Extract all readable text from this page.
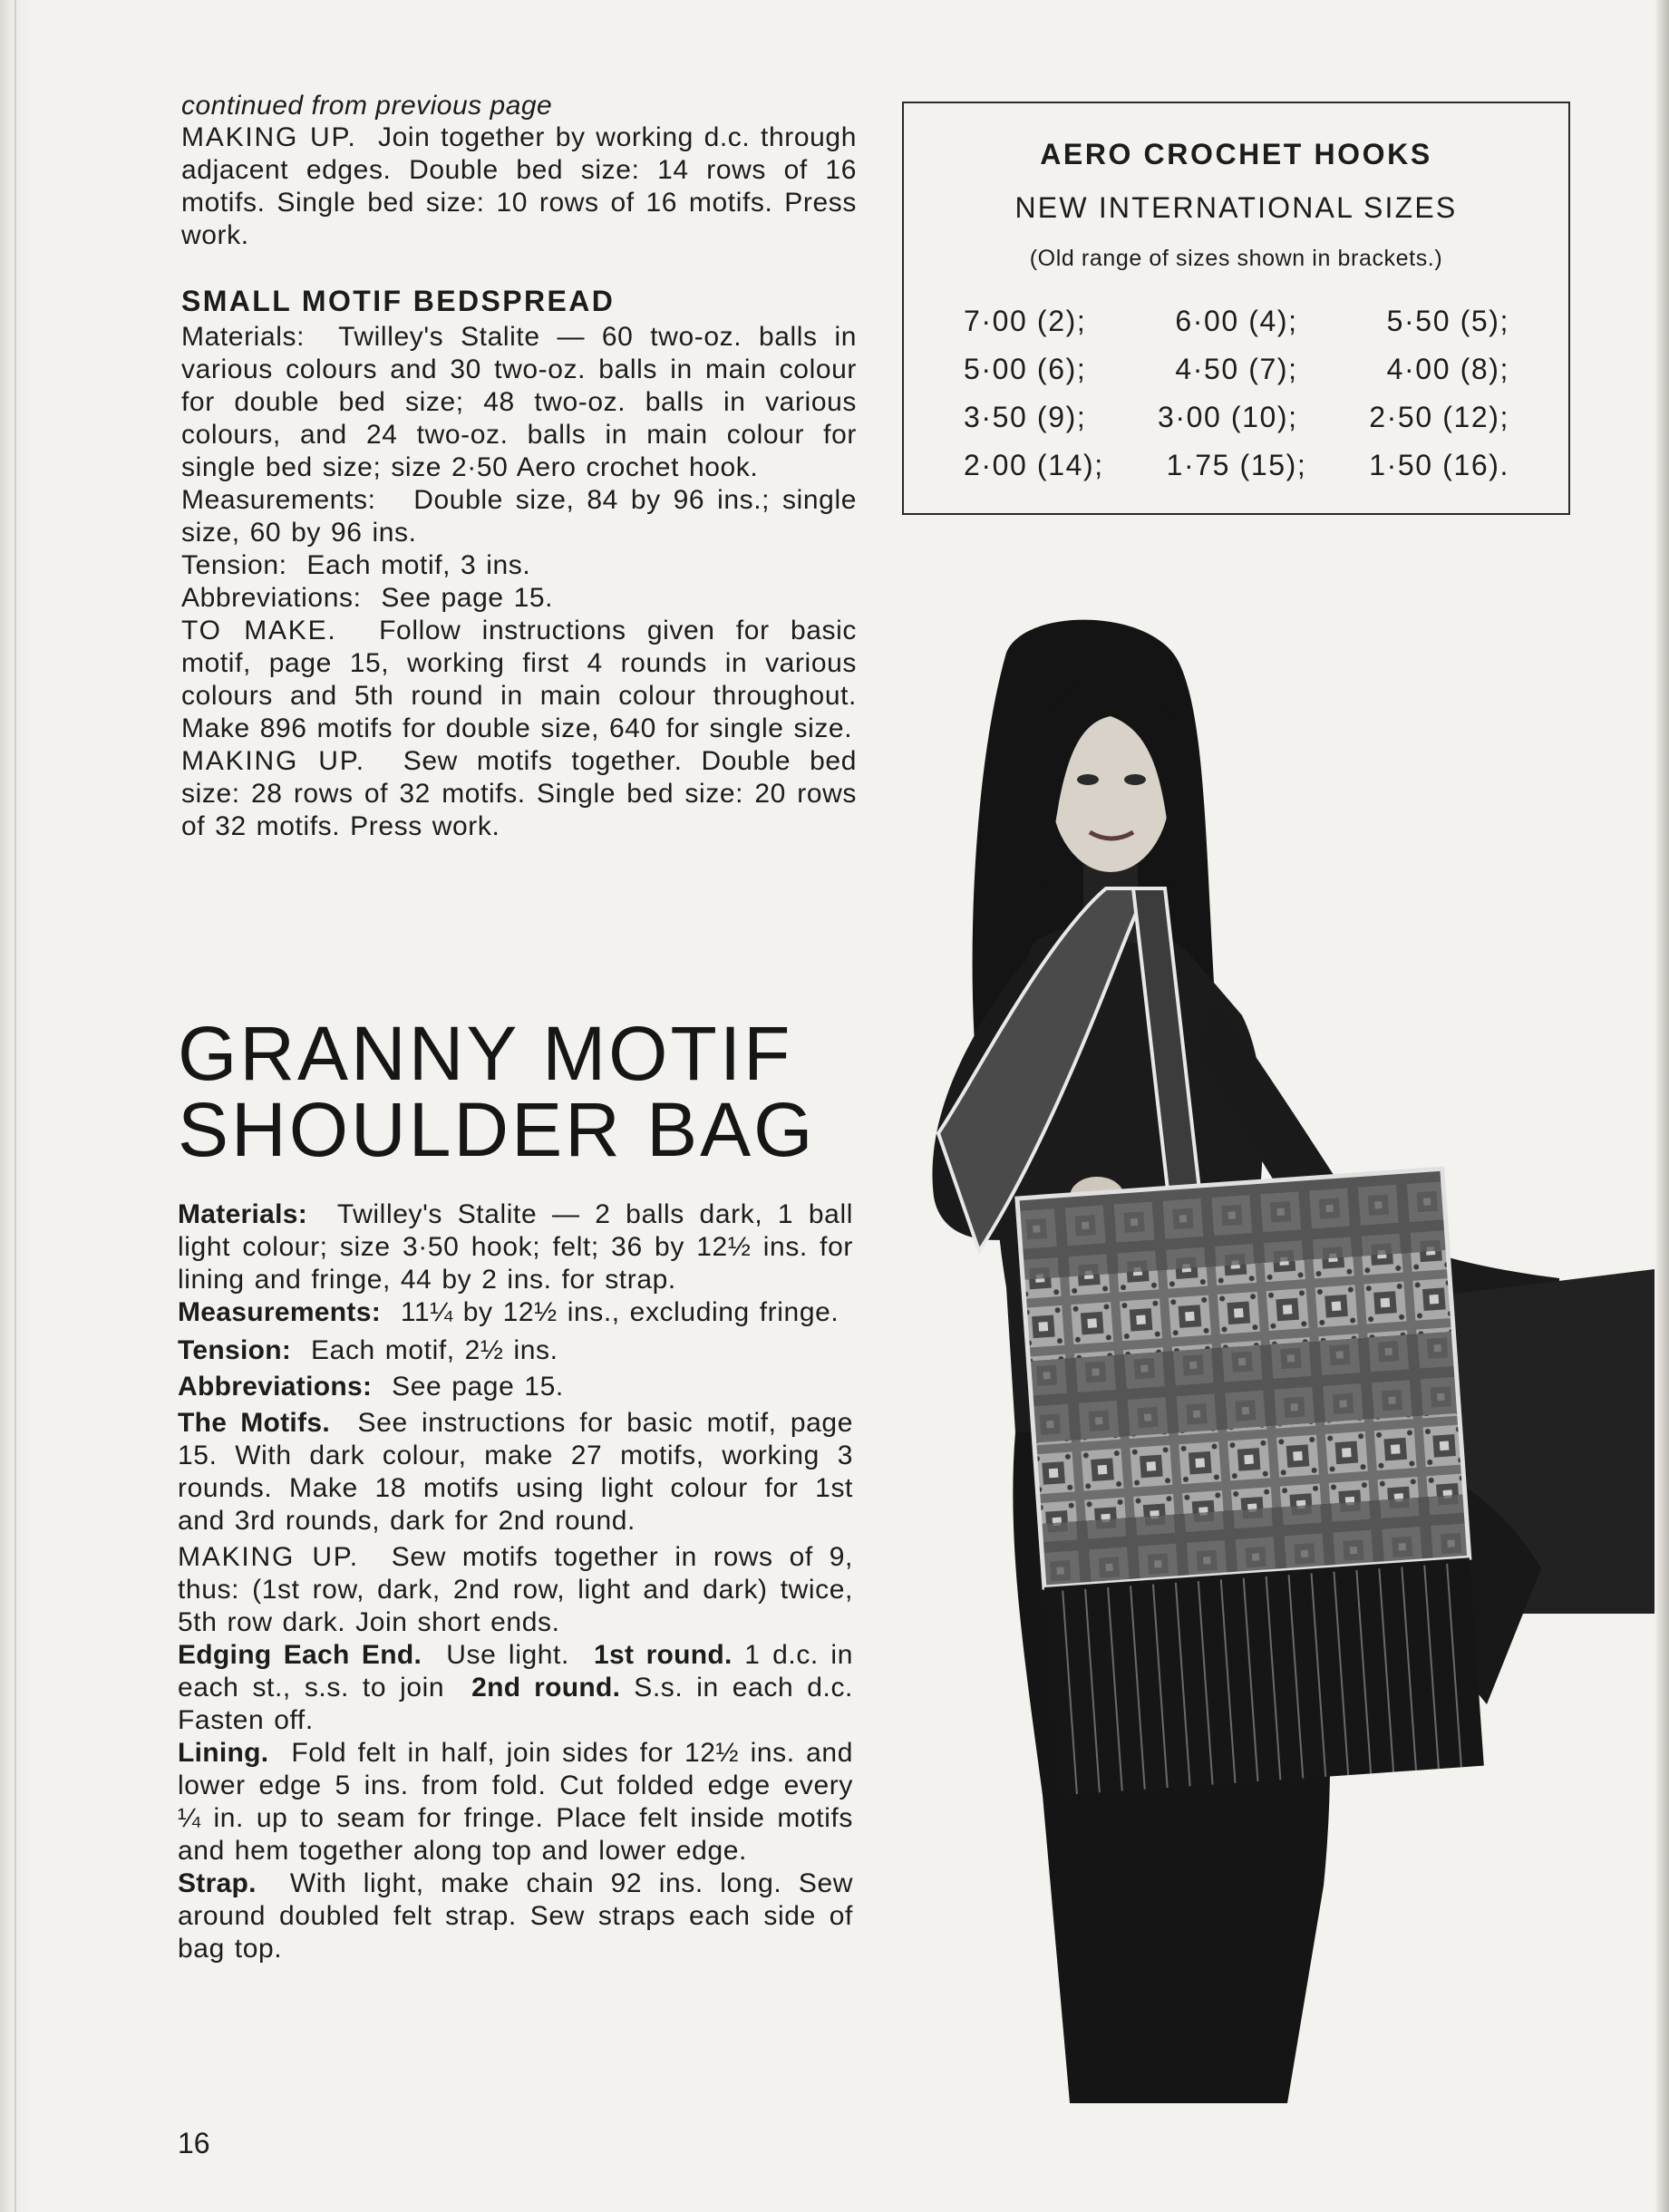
continued from previous page

MAKING UP. Join together by working d.c. through adjacent edges. Double bed size: 14 rows of 16 motifs. Single bed size: 10 rows of 16 motifs. Press work.

SMALL MOTIF BEDSPREAD

Materials: Twilley's Stalite — 60 two-oz. balls in various colours and 30 two-oz. balls in main colour for double bed size; 48 two-oz. balls in various colours, and 24 two-oz. balls in main colour for single bed size; size 2·50 Aero crochet hook.

Measurements: Double size, 84 by 96 ins.; single size, 60 by 96 ins.

Tension: Each motif, 3 ins.

Abbreviations: See page 15.

TO MAKE. Follow instructions given for basic motif, page 15, working first 4 rounds in various colours and 5th round in main colour throughout. Make 896 motifs for double size, 640 for single size.

MAKING UP. Sew motifs together. Double bed size: 28 rows of 32 motifs. Single bed size: 20 rows of 32 motifs. Press work.

GRANNY MOTIF
SHOULDER BAG

Materials: Twilley's Stalite — 2 balls dark, 1 ball light colour; size 3·50 hook; felt; 36 by 12½ ins. for lining and fringe, 44 by 2 ins. for strap.

Measurements: 11¼ by 12½ ins., excluding fringe.

Tension: Each motif, 2½ ins.

Abbreviations: See page 15.

The Motifs. See instructions for basic motif, page 15. With dark colour, make 27 motifs, working 3 rounds. Make 18 motifs using light colour for 1st and 3rd rounds, dark for 2nd round.

MAKING UP. Sew motifs together in rows of 9, thus: (1st row, dark, 2nd row, light and dark) twice, 5th row dark. Join short ends.

Edging Each End. Use light. 1st round. 1 d.c. in each st., s.s. to join 2nd round. S.s. in each d.c. Fasten off.

Lining. Fold felt in half, join sides for 12½ ins. and lower edge 5 ins. from fold. Cut folded edge every ¼ in. up to seam for fringe. Place felt inside motifs and hem together along top and lower edge.

Strap. With light, make chain 92 ins. long. Sew around doubled felt strap. Sew straps each side of bag top.

16
AERO CROCHET HOOKS
NEW INTERNATIONAL SIZES
(Old range of sizes shown in brackets.)
7·00 (2);	6·00 (4);	5·50 (5);
5·00 (6);	4·50 (7);	4·00 (8);
3·50 (9); 3·00 (10); 2·50 (12);
2·00 (14); 1·75 (15); 1·50 (16).
